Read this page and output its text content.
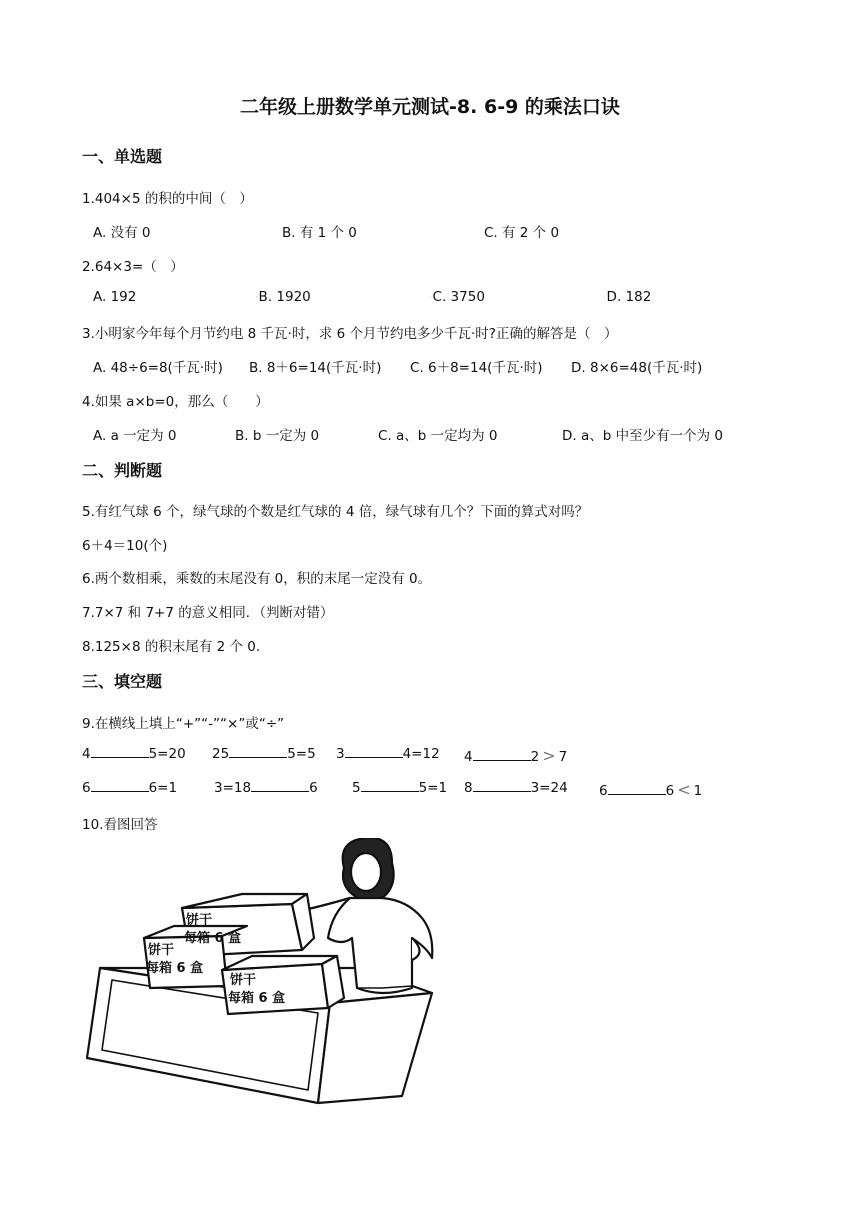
二年级上册数学单元测试-8. 6-9 的乘法口诀
一、单选题
1.404×5 的积的中间（　）
A. 没有 0	B. 有 1 个 0	C. 有 2 个 0
2.64×3=（　）
A. 192	·B. 1920	·C. 3750	·D. 182
3.小明家今年每个月节约电 8 千瓦·时，求 6 个月节约电多少千瓦·时?正确的解答是（　）
A. 48÷6=8(千瓦·时) B. 8＋6=14(千瓦·时) C. 6＋8=14(千瓦·时) D. 8×6=48(千瓦·时)
4.如果 a×b=0，那么（　　）
A. a 一定为 0	B. b 一定为 0	C. a、b 一定均为 0	D. a、b 中至少有一个为 0
二、判断题
5.有红气球 6 个，绿气球的个数是红气球的 4 倍，绿气球有几个？下面的算式对吗？
6＋4＝10(个)
6.两个数相乘，乘数的末尾没有 0，积的末尾一定没有 0。
7.7×7 和 7+7 的意义相同．（判断对错）
8.125×8 的积末尾有 2 个 0.
三、填空题
9.在横线上填上“+”“-”“×”或“÷”
4	5=20 25	5=5 3	4=12 4	2 > 7
6	6=1	3=18	6	5	5=1 8	3=24 6	6 < 1
10.看图回答
饼干
每箱 6 盒
饼干
每箱 6 盒
饼干
每箱 6 盒
